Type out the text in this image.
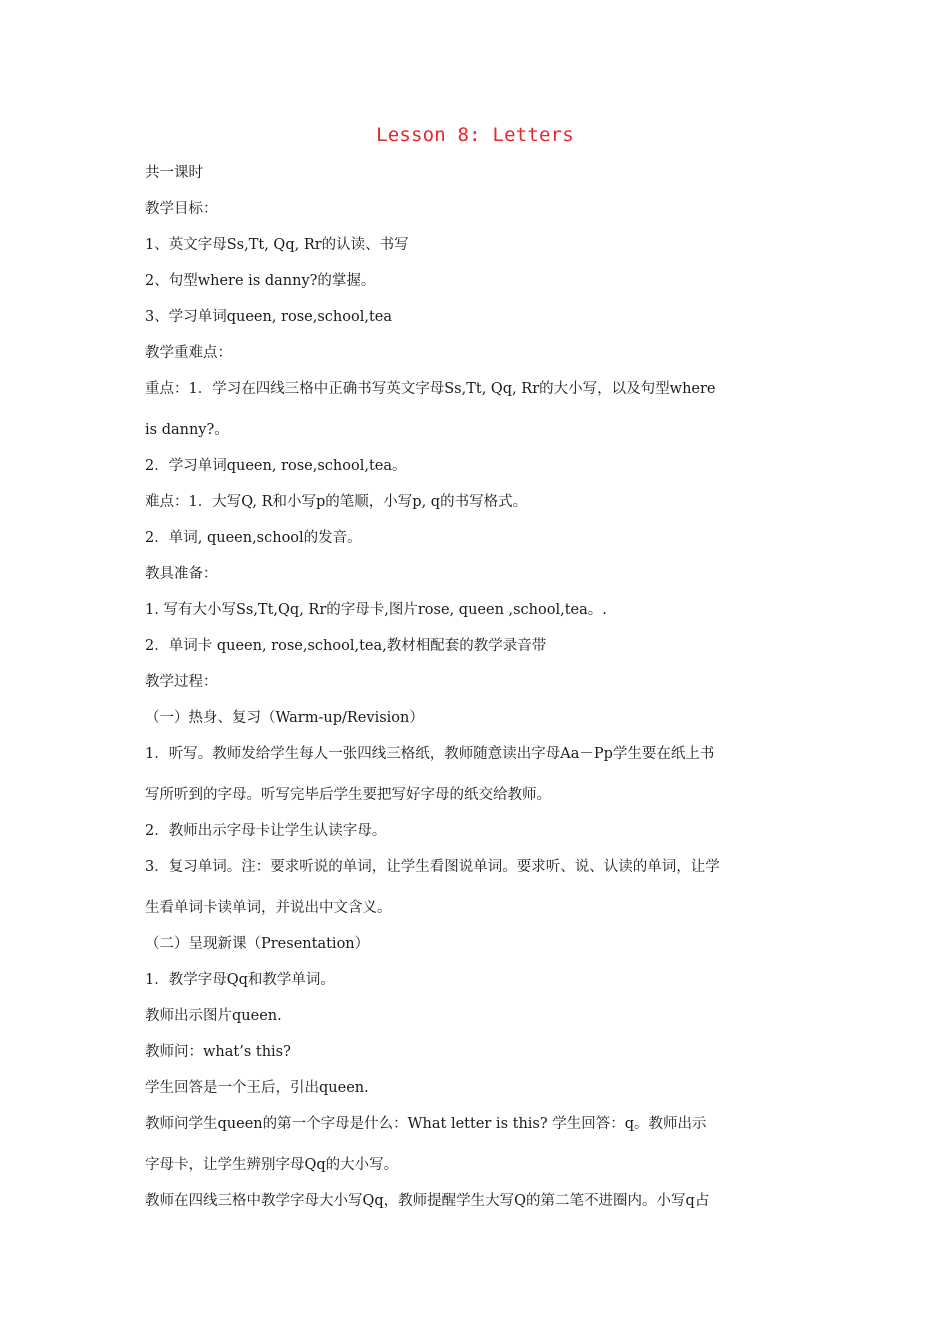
Lesson 8: Letters
共一课时
教学目标：
1、英文字母Ss,Tt, Qq, Rr的认读、书写
2、句型where is danny?的掌握。
3、学习单词queen, rose,school,tea
教学重难点：
重点：1．学习在四线三格中正确书写英文字母Ss,Tt, Qq, Rr的大小写，以及句型where
is danny?。
2．学习单词queen, rose,school,tea。
难点：1．大写Q, R和小写p的笔顺，小写p, q的书写格式。
2．单词, queen,school的发音。
教具准备：
1. 写有大小写Ss,Tt,Qq, Rr的字母卡,图片rose, queen ,school,tea。.
2．单词卡 queen, rose,school,tea,教材相配套的教学录音带
教学过程：
（一）热身、复习（Warm-up/Revision）
1．听写。教师发给学生每人一张四线三格纸，教师随意读出字母Aa－Pp学生要在纸上书
写所听到的字母。听写完毕后学生要把写好字母的纸交给教师。
2．教师出示字母卡让学生认读字母。
3．复习单词。注：要求听说的单词，让学生看图说单词。要求听、说、认读的单词，让学
生看单词卡读单词，并说出中文含义。
（二）呈现新课（Presentation）
1．教学字母Qq和教学单词。
教师出示图片queen.
教师问：what’s this?
学生回答是一个王后，引出queen.
教师问学生queen的第一个字母是什么：What letter is this? 学生回答：q。教师出示
字母卡，让学生辨别字母Qq的大小写。
教师在四线三格中教学字母大小写Qq，教师提醒学生大写Q的第二笔不进圈内。小写q占
